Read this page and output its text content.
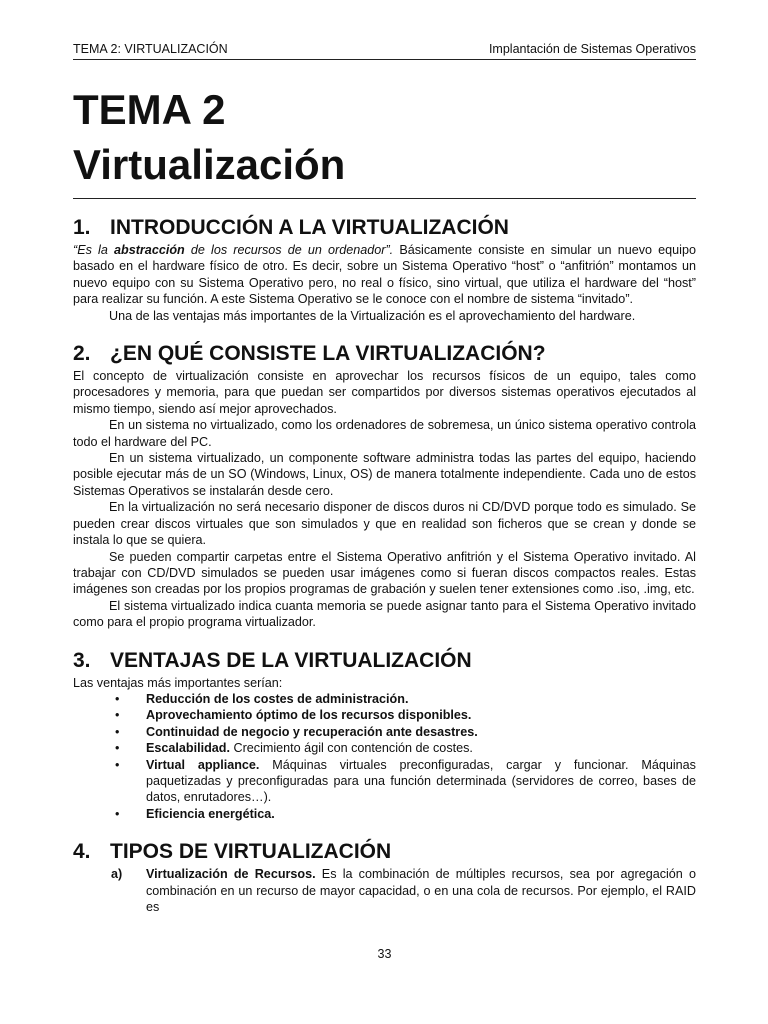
TEMA 2: VIRTUALIZACIÓN	Implantación de Sistemas Operativos
TEMA 2
Virtualización
1. INTRODUCCIÓN A LA VIRTUALIZACIÓN

“Es la abstracción de los recursos de un ordenador”. Básicamente consiste en simular un nuevo equipo basado en el hardware físico de otro. Es decir, sobre un Sistema Operativo “host” o “anfitrión” montamos un nuevo equipo con su Sistema Operativo pero, no real o físico, sino virtual, que utiliza el hardware del “host” para realizar su función. A este Sistema Operativo se le conoce con el nombre de sistema “invitado”.

Una de las ventajas más importantes de la Virtualización es el aprovechamiento del hardware.

2. ¿EN QUÉ CONSISTE LA VIRTUALIZACIÓN?

El concepto de virtualización consiste en aprovechar los recursos físicos de un equipo, tales como procesadores y memoria, para que puedan ser compartidos por diversos sistemas operativos ejecutados al mismo tiempo, siendo así mejor aprovechados.

En un sistema no virtualizado, como los ordenadores de sobremesa, un único sistema operativo controla todo el hardware del PC.

En un sistema virtualizado, un componente software administra todas las partes del equipo, haciendo posible ejecutar más de un SO (Windows, Linux, OS) de manera totalmente independiente. Cada uno de estos Sistemas Operativos se instalarán desde cero.

En la virtualización no será necesario disponer de discos duros ni CD/DVD porque todo es simulado. Se pueden crear discos virtuales que son simulados y que en realidad son ficheros que se crean y donde se instala lo que se quiera.

Se pueden compartir carpetas entre el Sistema Operativo anfitrión y el Sistema Operativo invitado. Al trabajar con CD/DVD simulados se pueden usar imágenes como si fueran discos compactos reales. Estas imágenes son creadas por los propios programas de grabación y suelen tener extensiones como .iso, .img, etc.

El sistema virtualizado indica cuanta memoria se puede asignar tanto para el Sistema Operativo invitado como para el propio programa virtualizador.

3. VENTAJAS DE LA VIRTUALIZACIÓN

Las ventajas más importantes serían:

• Reducción de los costes de administración.
• Aprovechamiento óptimo de los recursos disponibles.
• Continuidad de negocio y recuperación ante desastres.
• Escalabilidad. Crecimiento ágil con contención de costes.
• Virtual appliance. Máquinas virtuales preconfiguradas, cargar y funcionar. Máquinas paquetizadas y preconfiguradas para una función determinada (servidores de correo, bases de datos, enrutadores…).
• Eficiencia energética.
4. TIPOS DE VIRTUALIZACIÓN
a) Virtualización de Recursos. Es la combinación de múltiples recursos, sea por agregación o combinación en un recurso de mayor capacidad, o en una cola de recursos. Por ejemplo, el RAID es
33
